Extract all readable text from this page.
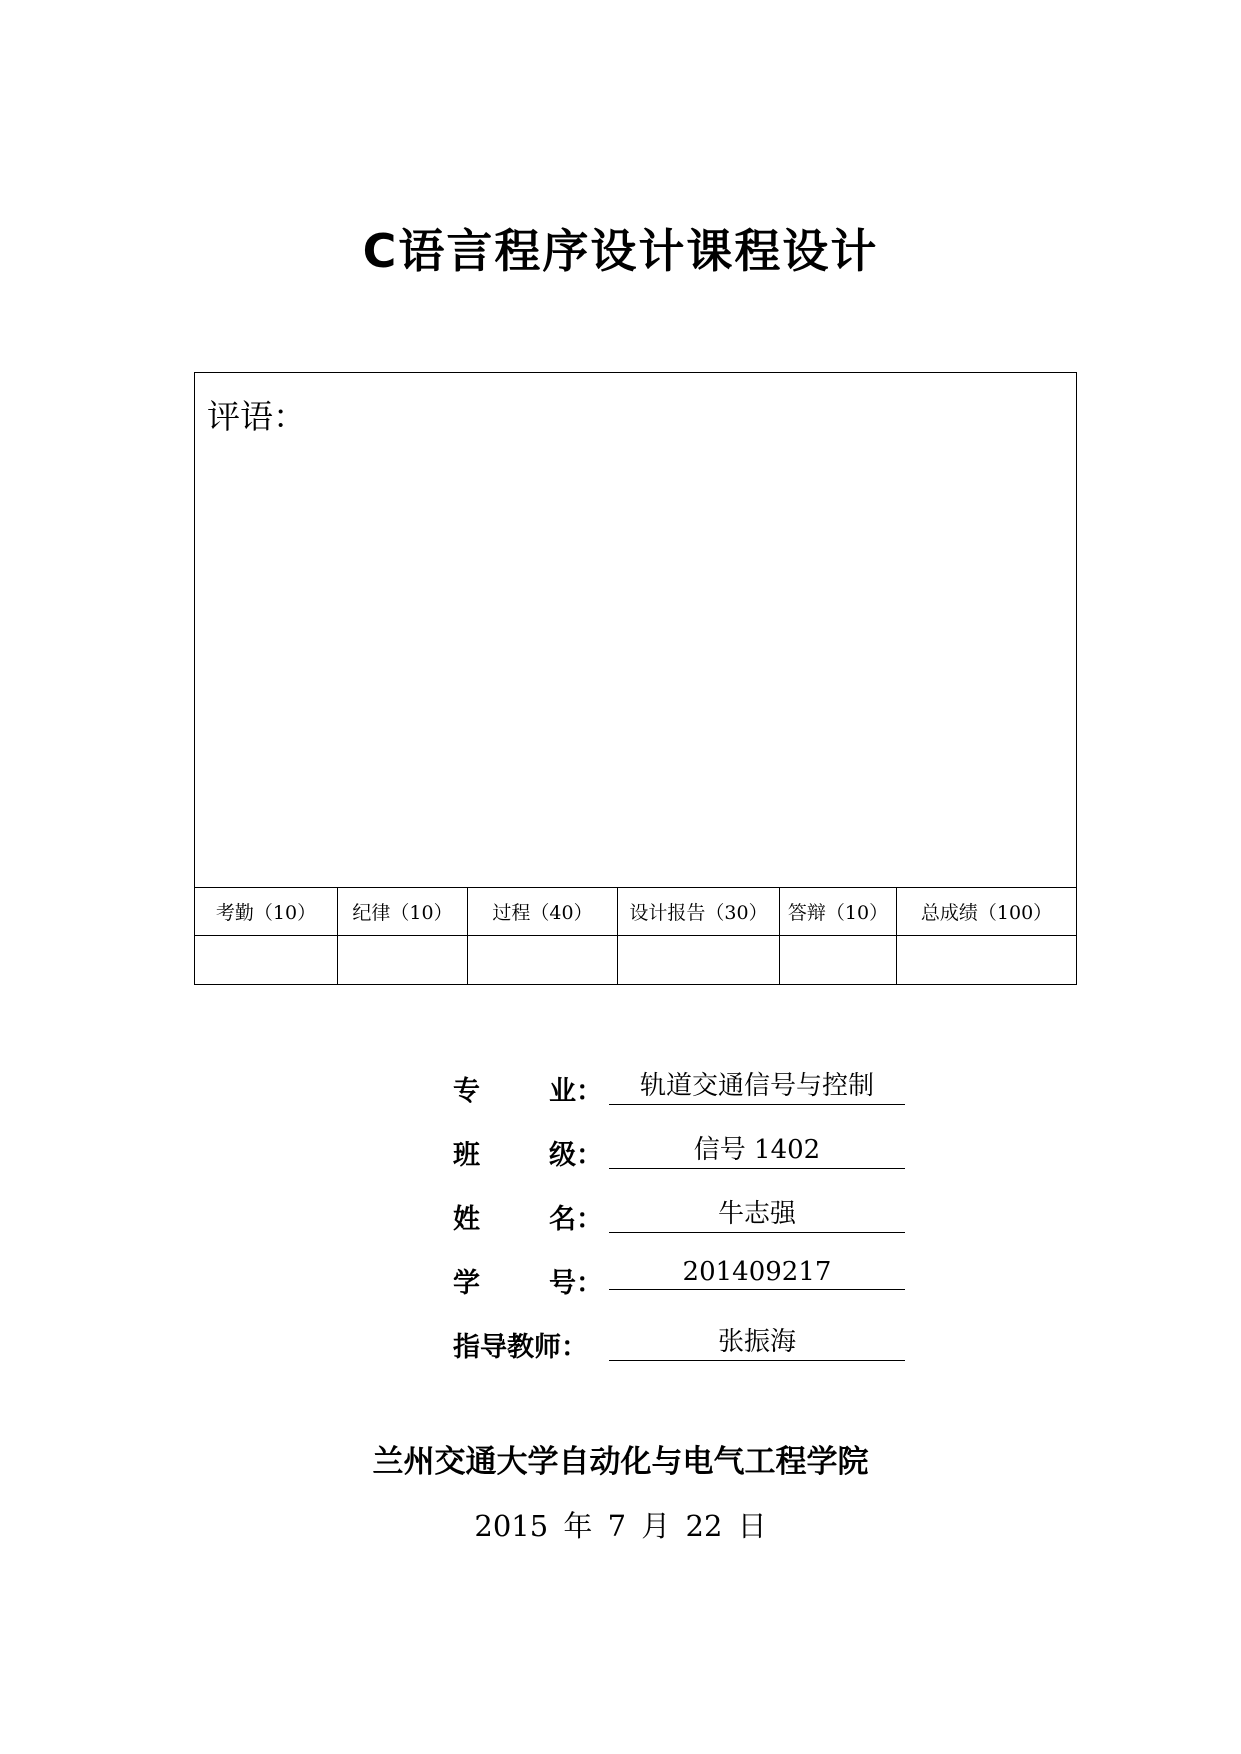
C语言程序设计课程设计
评语：					

考勤（10）	纪律（10）	过程（40）	设计报告（30）	答辩（10）	总成绩（100）

专	业：	轨道交通信号与控制
班	级：	信号 1402
姓	名：	牛志强
学	号：	201409217
指导教师：	张振海
兰州交通大学自动化与电气工程学院
2015 年 7 月 22 日
